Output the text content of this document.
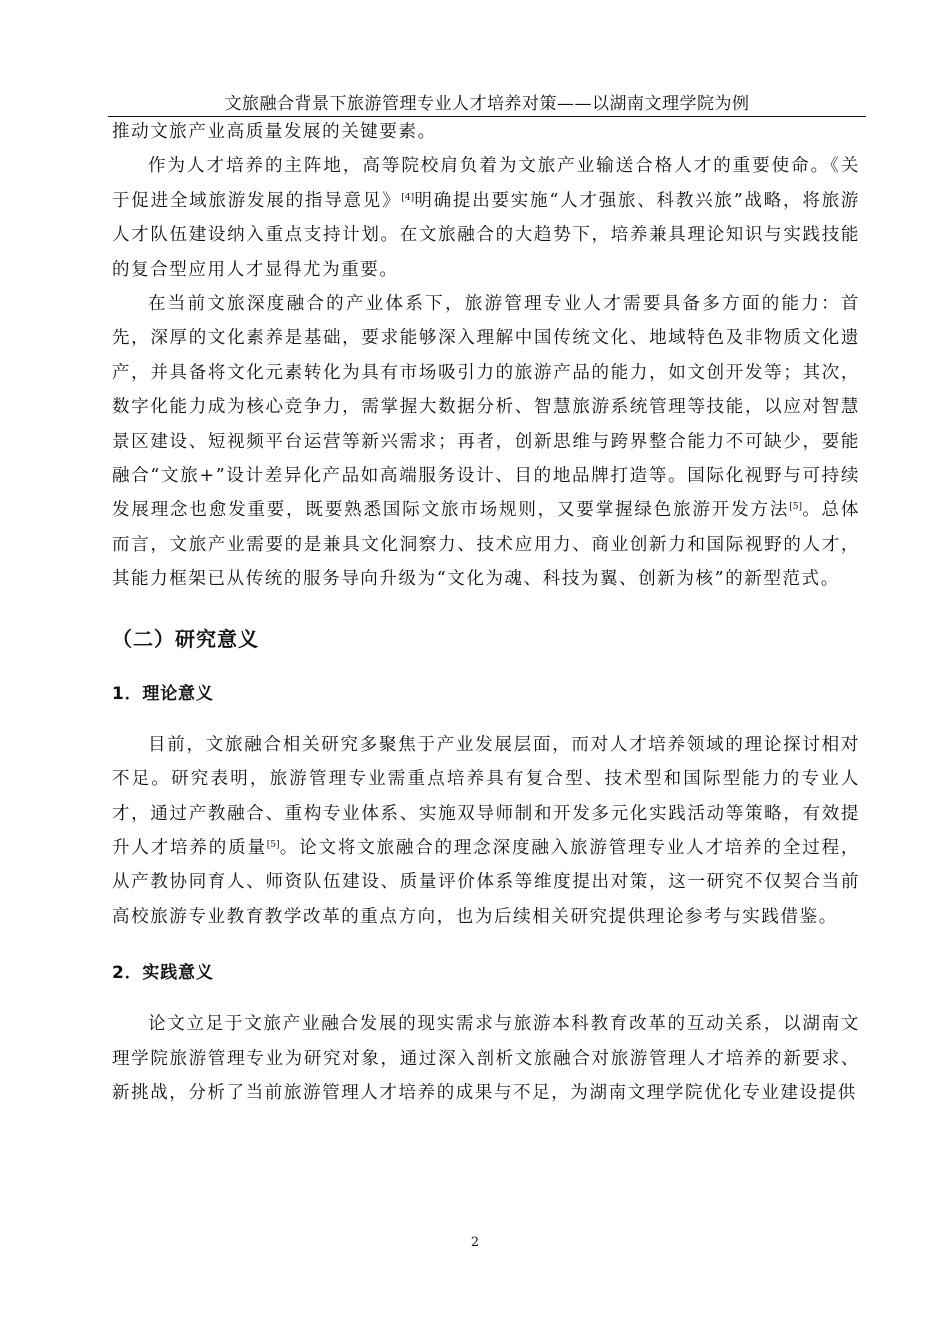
文旅融合背景下旅游管理专业人才培养对策——以湖南文理学院为例

推动文旅产业高质量发展的关键要素。

作为人才培养的主阵地，高等院校肩负着为文旅产业输送合格人才的重要使命。《关于促进全域旅游发展的指导意见》[4]明确提出要实施“人才强旅、科教兴旅”战略，将旅游人才队伍建设纳入重点支持计划。在文旅融合的大趋势下，培养兼具理论知识与实践技能的复合型应用人才显得尤为重要。

在当前文旅深度融合的产业体系下，旅游管理专业人才需要具备多方面的能力：首先，深厚的文化素养是基础，要求能够深入理解中国传统文化、地域特色及非物质文化遗产，并具备将文化元素转化为具有市场吸引力的旅游产品的能力，如文创开发等；其次，数字化能力成为核心竞争力，需掌握大数据分析、智慧旅游系统管理等技能，以应对智慧景区建设、短视频平台运营等新兴需求；再者，创新思维与跨界整合能力不可缺少，要能融合“文旅+”设计差异化产品如高端服务设计、目的地品牌打造等。国际化视野与可持续发展理念也愈发重要，既要熟悉国际文旅市场规则，又要掌握绿色旅游开发方法[5]。总体而言，文旅产业需要的是兼具文化洞察力、技术应用力、商业创新力和国际视野的人才，其能力框架已从传统的服务导向升级为“文化为魂、科技为翼、创新为核”的新型范式。

（二）研究意义
1．理论意义

目前，文旅融合相关研究多聚焦于产业发展层面，而对人才培养领域的理论探讨相对不足。研究表明，旅游管理专业需重点培养具有复合型、技术型和国际型能力的专业人才，通过产教融合、重构专业体系、实施双导师制和开发多元化实践活动等策略，有效提升人才培养的质量[5]。论文将文旅融合的理念深度融入旅游管理专业人才培养的全过程，从产教协同育人、师资队伍建设、质量评价体系等维度提出对策，这一研究不仅契合当前高校旅游专业教育教学改革的重点方向，也为后续相关研究提供理论参考与实践借鉴。

2．实践意义

论文立足于文旅产业融合发展的现实需求与旅游本科教育改革的互动关系，以湖南文理学院旅游管理专业为研究对象，通过深入剖析文旅融合对旅游管理人才培养的新要求、新挑战，分析了当前旅游管理人才培养的成果与不足，为湖南文理学院优化专业建设提供

2
